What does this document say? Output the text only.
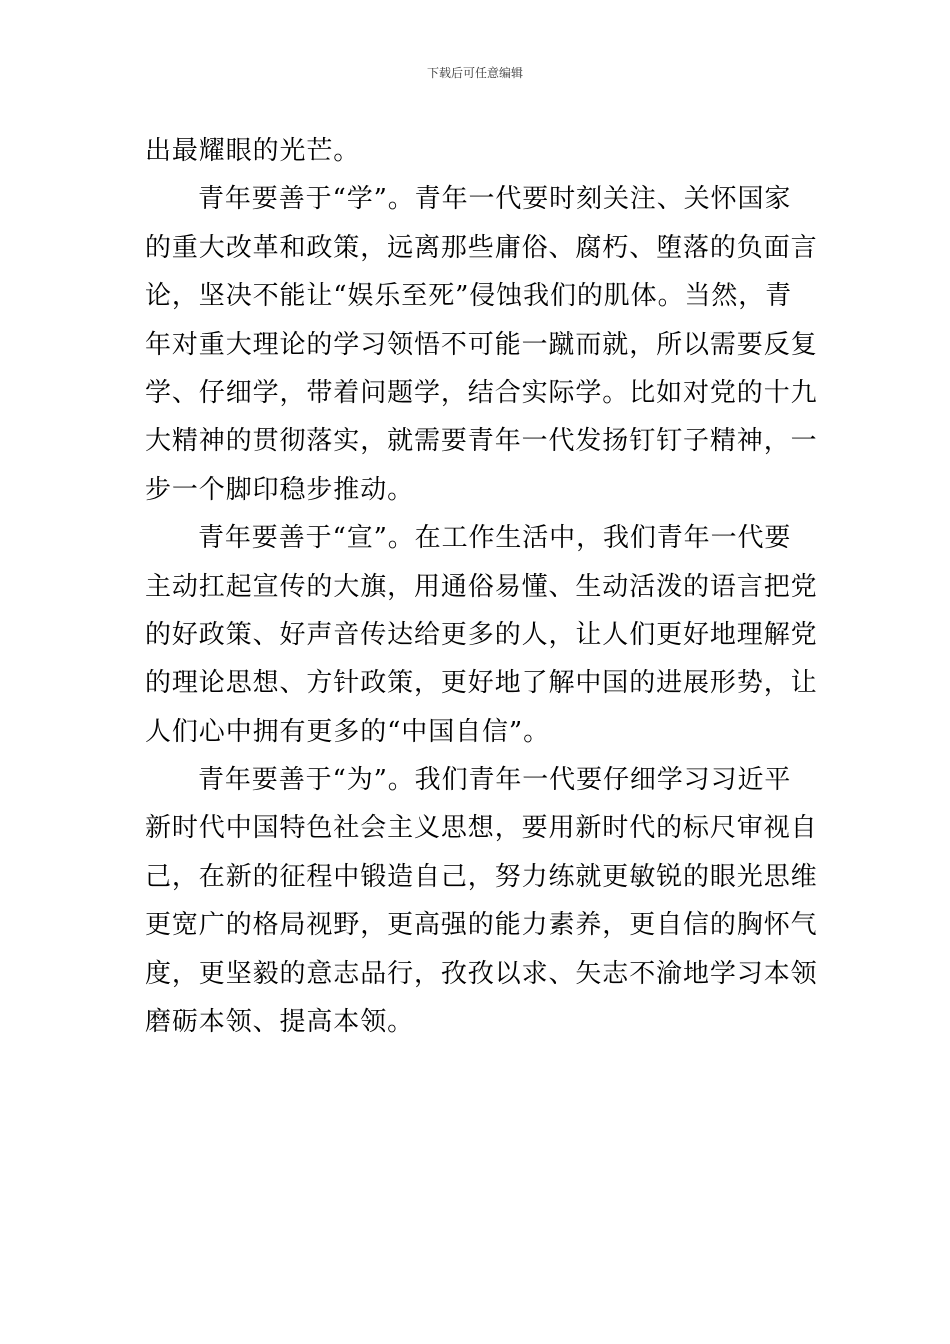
下载后可任意编辑
出最耀眼的光芒。
青年要善于“学”。青年一代要时刻关注、关怀国家
的重大改革和政策，远离那些庸俗、腐朽、堕落的负面言
论，坚决不能让“娱乐至死”侵蚀我们的肌体。当然，青
年对重大理论的学习领悟不可能一蹴而就，所以需要反复
学、仔细学，带着问题学，结合实际学。比如对党的十九
大精神的贯彻落实，就需要青年一代发扬钉钉子精神，一
步一个脚印稳步推动。
青年要善于“宣”。在工作生活中，我们青年一代要
主动扛起宣传的大旗，用通俗易懂、生动活泼的语言把党
的好政策、好声音传达给更多的人，让人们更好地理解党
的理论思想、方针政策，更好地了解中国的进展形势，让
人们心中拥有更多的“中国自信”。
青年要善于“为”。我们青年一代要仔细学习习近平
新时代中国特色社会主义思想，要用新时代的标尺审视自
己，在新的征程中锻造自己，努力练就更敏锐的眼光思维
更宽广的格局视野，更高强的能力素养，更自信的胸怀气
度，更坚毅的意志品行，孜孜以求、矢志不渝地学习本领
磨砺本领、提高本领。
